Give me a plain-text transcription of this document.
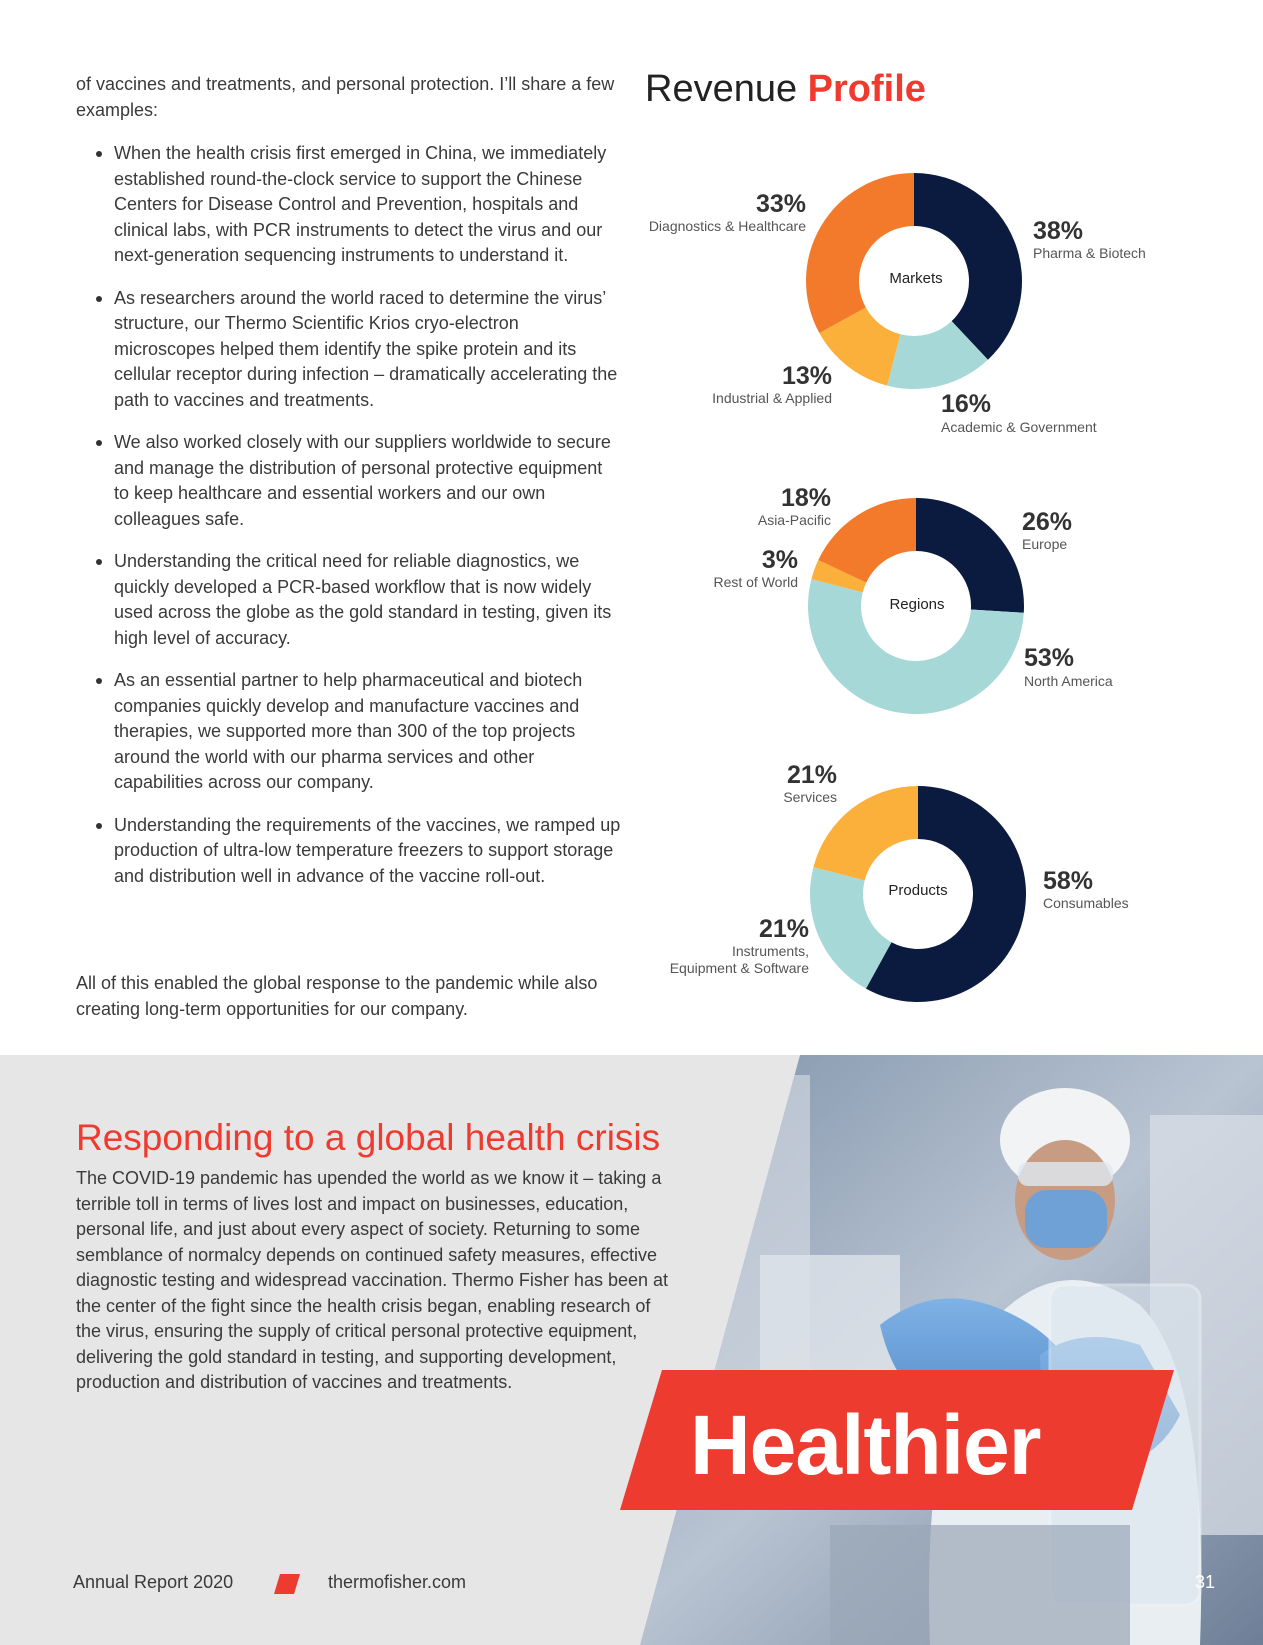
of vaccines and treatments, and personal protection. I’ll share a few examples:

When the health crisis first emerged in China, we immediately established round-the-clock service to support the Chinese Centers for Disease Control and Prevention, hospitals and clinical labs, with PCR instruments to detect the virus and our next-generation sequencing instruments to understand it.
As researchers around the world raced to determine the virus’ structure, our Thermo Scientific Krios cryo-electron microscopes helped them identify the spike protein and its cellular receptor during infection – dramatically accelerating the path to vaccines and treatments.
We also worked closely with our suppliers worldwide to secure and manage the distribution of personal protective equipment to keep healthcare and essential workers and our own colleagues safe.
Understanding the critical need for reliable diagnostics, we quickly developed a PCR-based workflow that is now widely used across the globe as the gold standard in testing, given its high level of accuracy.
As an essential partner to help pharmaceutical and biotech companies quickly develop and manufacture vaccines and therapies, we supported more than 300 of the top projects around the world with our pharma services and other capabilities across our company.
Understanding the requirements of the vaccines, we ramped up production of ultra-low temperature freezers to support storage and distribution well in advance of the vaccine roll-out.

All of this enabled the global response to the pandemic while also creating long-term opportunities for our company.

Revenue Profile
Markets
Regions
Products
38%
Pharma & Biotech
16%
Academic & Government
13%
Industrial & Applied
33%
Diagnostics & Healthcare
26%
Europe
53%
North America
3%
Rest of World
18%
Asia-Pacific
58%
Consumables
21%
Instruments,
Equipment & Software
21%
Services
Responding to a global health crisis

The COVID-19 pandemic has upended the world as we know it – taking a terrible toll in terms of lives lost and impact on businesses, education, personal life, and just about every aspect of society. Returning to some semblance of normalcy depends on continued safety measures, effective diagnostic testing and widespread vaccination. Thermo Fisher has been at the center of the fight since the health crisis began, enabling research of the virus, ensuring the supply of critical personal protective equipment, delivering the gold standard in testing, and supporting development, production and distribution of vaccines and treatments.

Healthier
Annual Report 2020	thermofisher.com	31
